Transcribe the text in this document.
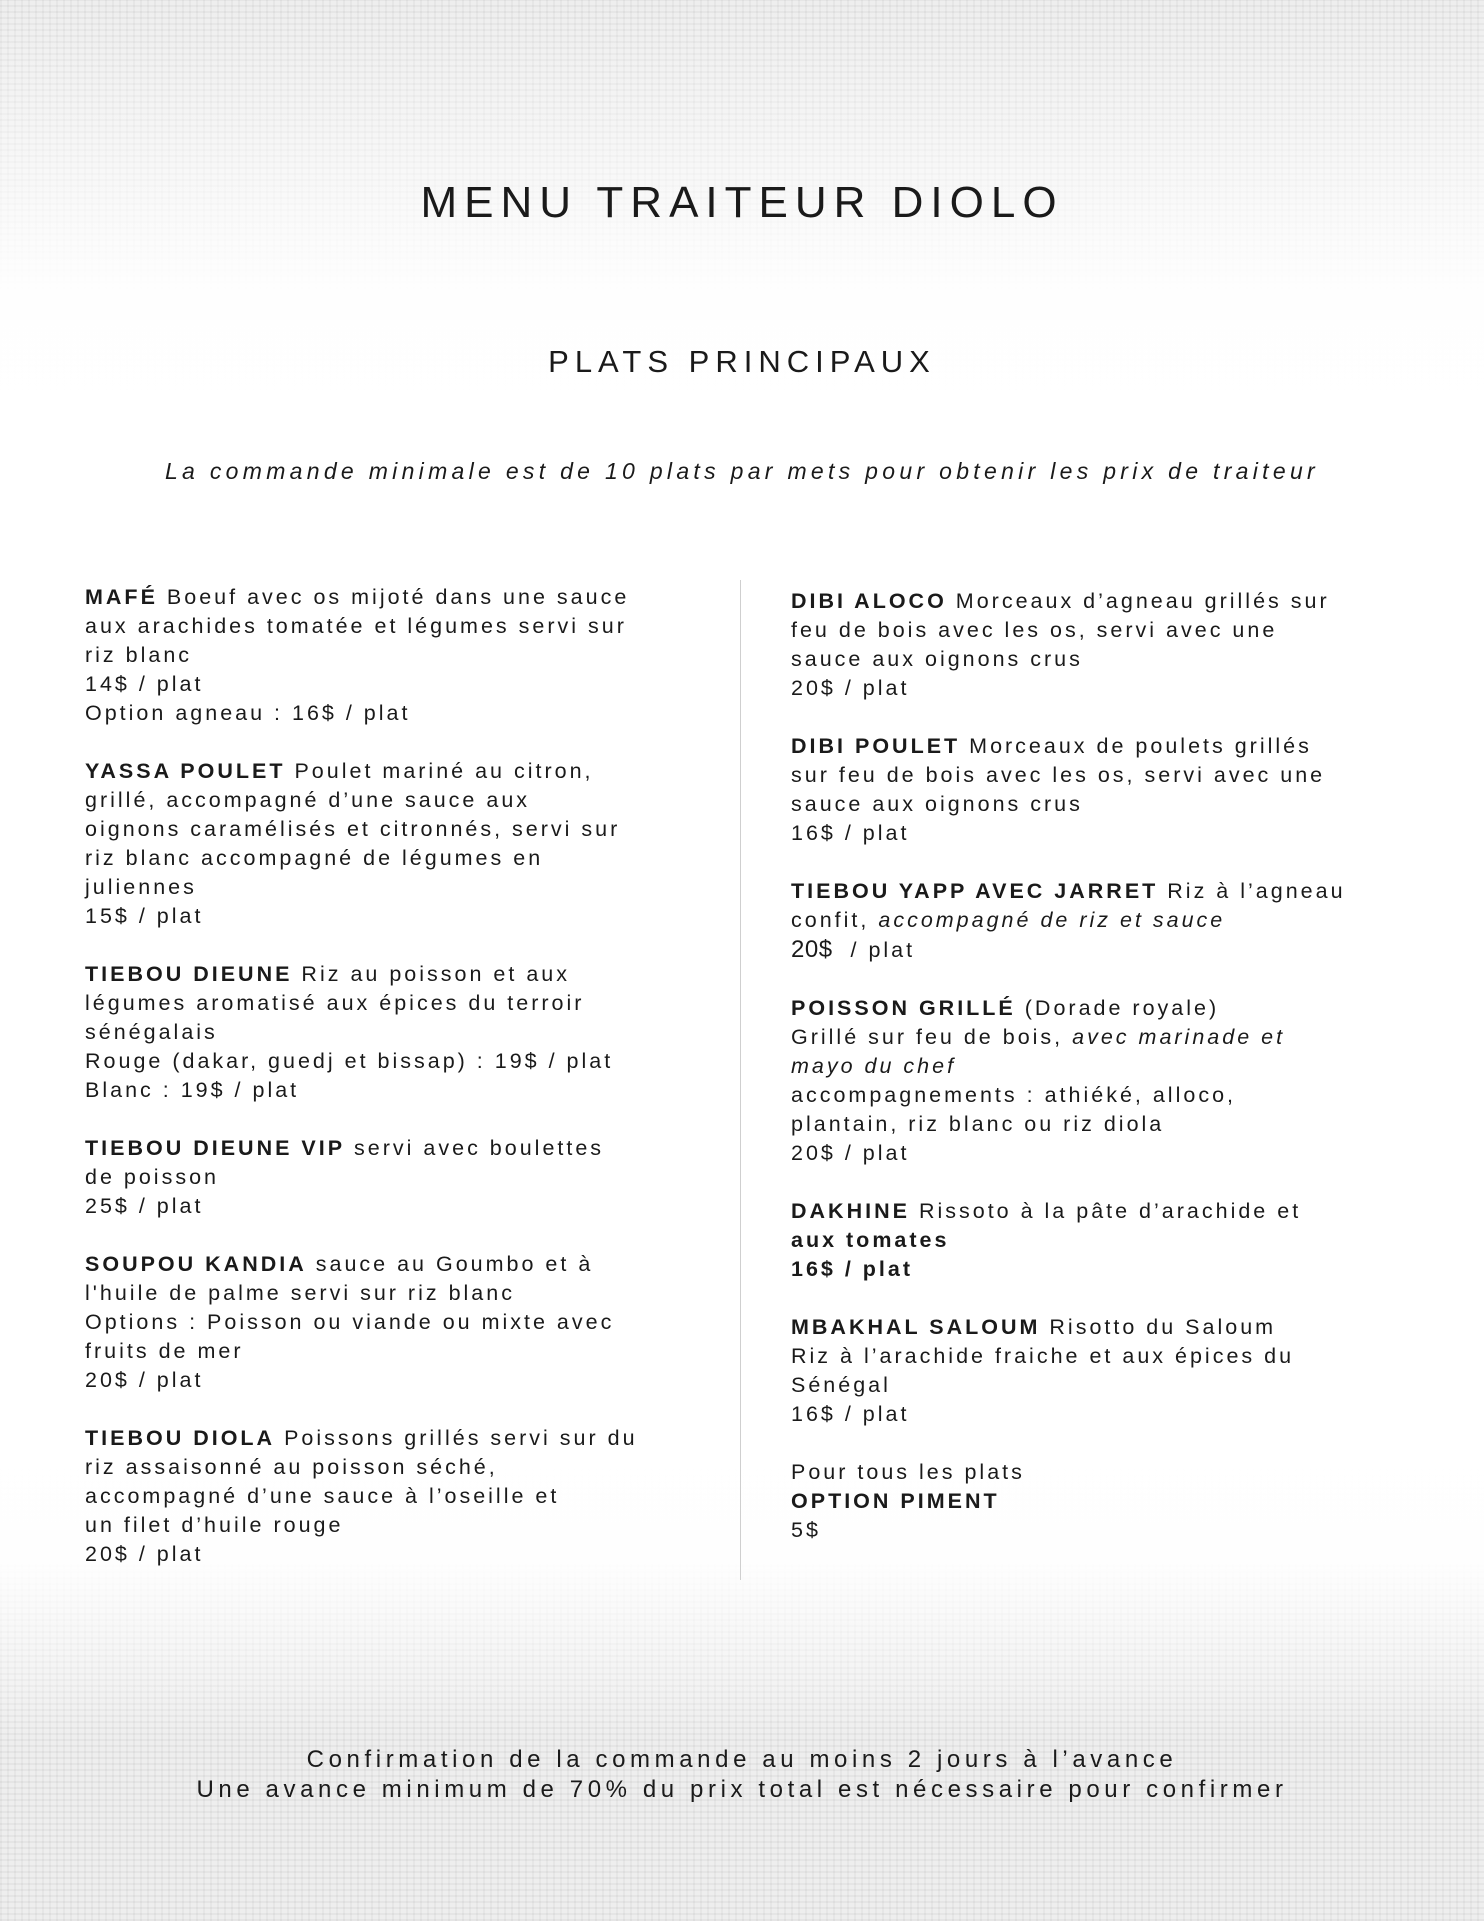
MENU TRAITEUR DIOLO
PLATS PRINCIPAUX

La commande minimale est de 10 plats par mets pour obtenir les prix de traiteur

MAFÉ Boeuf avec os mijoté dans une sauce
aux arachides tomatée et légumes servi sur
riz blanc
14$ / plat
Option agneau : 16$ / plat
YASSA POULET Poulet mariné au citron,
grillé, accompagné d’une sauce aux
oignons caramélisés et citronnés, servi sur
riz blanc accompagné de légumes en
juliennes
15$ / plat
TIEBOU DIEUNE Riz au poisson et aux
légumes aromatisé aux épices du terroir
sénégalais
Rouge (dakar, guedj et bissap) : 19$ / plat
Blanc : 19$ / plat
TIEBOU DIEUNE VIP servi avec boulettes
de poisson
25$ / plat
SOUPOU KANDIA sauce au Goumbo et à
l'huile de palme servi sur riz blanc
Options : Poisson ou viande ou mixte avec
fruits de mer
20$ / plat
TIEBOU DIOLA Poissons grillés servi sur du
riz assaisonné au poisson séché,
accompagné d’une sauce à l’oseille et
un filet d’huile rouge
20$ / plat
DIBI ALOCO Morceaux d’agneau grillés sur
feu de bois avec les os, servi avec une
sauce aux oignons crus
20$ / plat
DIBI POULET Morceaux de poulets grillés
sur feu de bois avec les os, servi avec une
sauce aux oignons crus
16$ / plat
TIEBOU YAPP AVEC JARRET Riz à l’agneau
confit, accompagné de riz et sauce
20$ / plat
POISSON GRILLÉ (Dorade royale)
Grillé sur feu de bois, avec marinade et
mayo du chef
accompagnements : athiéké, alloco,
plantain, riz blanc ou riz diola
20$ / plat
DAKHINE Rissoto à la pâte d’arachide et
aux tomates
16$ / plat
MBAKHAL SALOUM Risotto du Saloum
Riz à l’arachide fraiche et aux épices du
Sénégal
16$ / plat
Pour tous les plats
OPTION PIMENT
5$
Confirmation de la commande au moins 2 jours à l’avance
Une avance minimum de 70% du prix total est nécessaire pour confirmer
